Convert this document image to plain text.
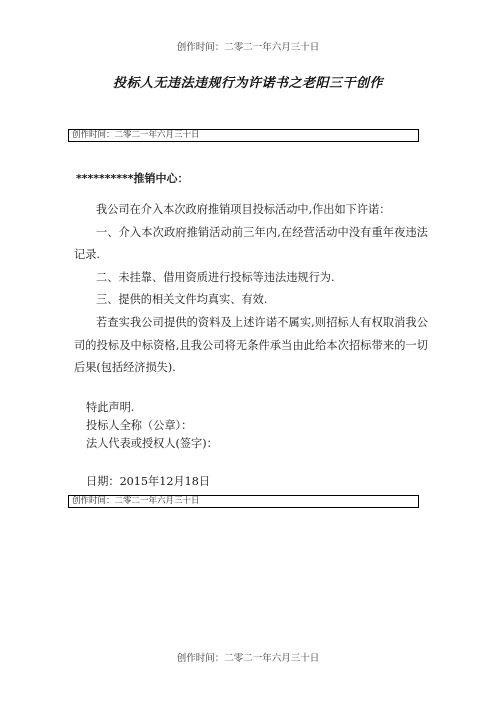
创作时间：二零二一年六月三十日
投标人无违法违规行为许诺书之老阳三干创作
创作时间：二零二一年六月三十日
**********推销中心：

我公司在介入本次政府推销项目投标活动中,作出如下许诺：

一、介入本次政府推销活动前三年内,在经营活动中没有重年夜违法记录.

二、未挂靠、借用资质进行投标等违法违规行为.

三、提供的相关文件均真实、有效.

若查实我公司提供的资料及上述许诺不属实,则招标人有权取消我公司的投标及中标资格,且我公司将无条件承当由此给本次招标带来的一切后果(包括经济损失).

特此声明.
投标人全称（公章）：
法人代表或授权人(签字)：
日期：2015年12月18日
创作时间：二零二一年六月三十日
创作时间：二零二一年六月三十日
